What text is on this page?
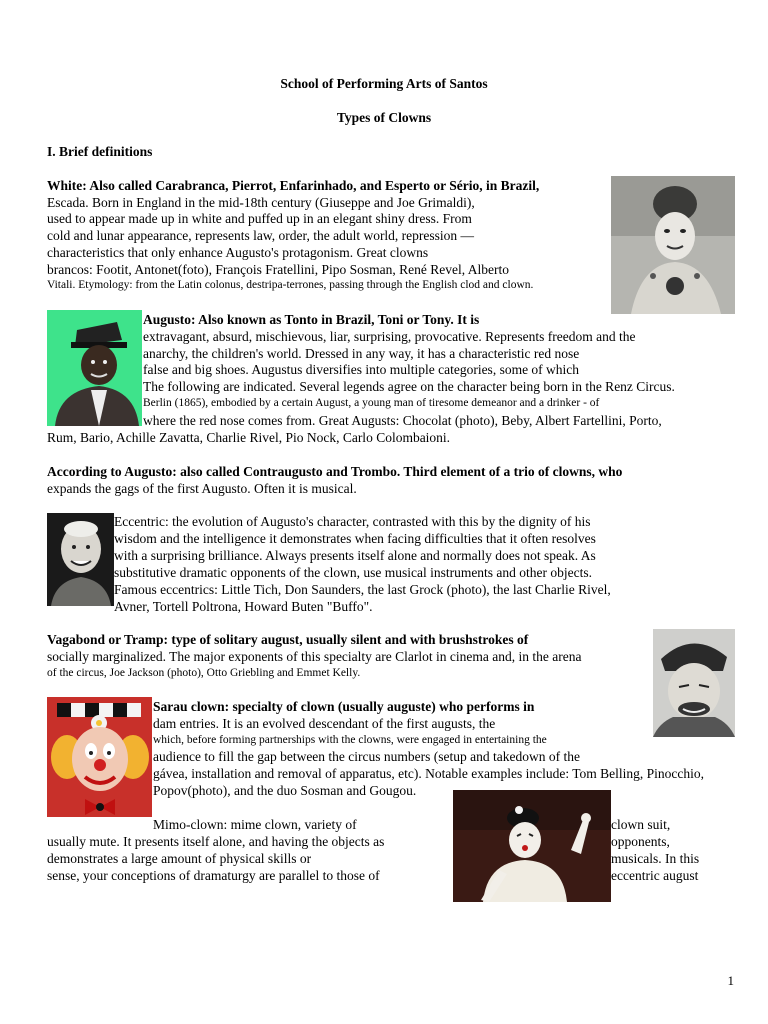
School of Performing Arts of Santos
Types of Clowns
I. Brief definitions
White: Also called Carabranca, Pierrot, Enfarinhado, and Esperto or Sério, in Brazil,
Escada. Born in England in the mid-18th century (Giuseppe and Joe Grimaldi),
used to appear made up in white and puffed up in an elegant shiny dress. From
cold and lunar appearance, represents law, order, the adult world, repression —
characteristics that only enhance Augusto's protagonism. Great clowns
brancos: Footit, Antonet(foto), François Fratellini, Pipo Sosman, René Revel, Alberto
Vitali. Etymology: from the Latin colonus, destripa-terrones, passing through the English clod and clown.
Augusto: Also known as Tonto in Brazil, Toni or Tony. It is
extravagant, absurd, mischievous, liar, surprising, provocative. Represents freedom and the
anarchy, the children's world. Dressed in any way, it has a characteristic red nose
false and big shoes. Augustus diversifies into multiple categories, some of which
The following are indicated. Several legends agree on the character being born in the Renz Circus.
Berlin (1865), embodied by a certain August, a young man of tiresome demeanor and a drinker - of
where the red nose comes from. Great Augusts: Chocolat (photo), Beby, Albert Fartellini, Porto,
Rum, Bario, Achille Zavatta, Charlie Rivel, Pio Nock, Carlo Colombaioni.
According to Augusto: also called Contraugusto and Trombo. Third element of a trio of clowns, who
expands the gags of the first Augusto. Often it is musical.
Eccentric: the evolution of Augusto's character, contrasted with this by the dignity of his
wisdom and the intelligence it demonstrates when facing difficulties that it often resolves
with a surprising brilliance. Always presents itself alone and normally does not speak. As
substitutive dramatic opponents of the clown, use musical instruments and other objects.
Famous eccentrics: Little Tich, Don Saunders, the last Grock (photo), the last Charlie Rivel,
Avner, Tortell Poltrona, Howard Buten "Buffo".
Vagabond or Tramp: type of solitary august, usually silent and with brushstrokes of
socially marginalized. The major exponents of this specialty are Clarlot in cinema and, in the arena
of the circus, Joe Jackson (photo), Otto Griebling and Emmet Kelly.
Sarau clown: specialty of clown (usually auguste) who performs in
dam entries. It is an evolved descendant of the first augusts, the
which, before forming partnerships with the clowns, were engaged in entertaining the
audience to fill the gap between the circus numbers (setup and takedown of the
gávea, installation and removal of apparatus, etc). Notable examples include: Tom Belling, Pinocchio,
Popov(photo), and the duo Sosman and Gougou.
Mimo-clown: mime clown, variety of
usually mute. It presents itself alone, and having the objects as
demonstrates a large amount of physical skills or
sense, your conceptions of dramaturgy are parallel to those of
clown suit,
opponents,
musicals. In this
eccentric august
1
